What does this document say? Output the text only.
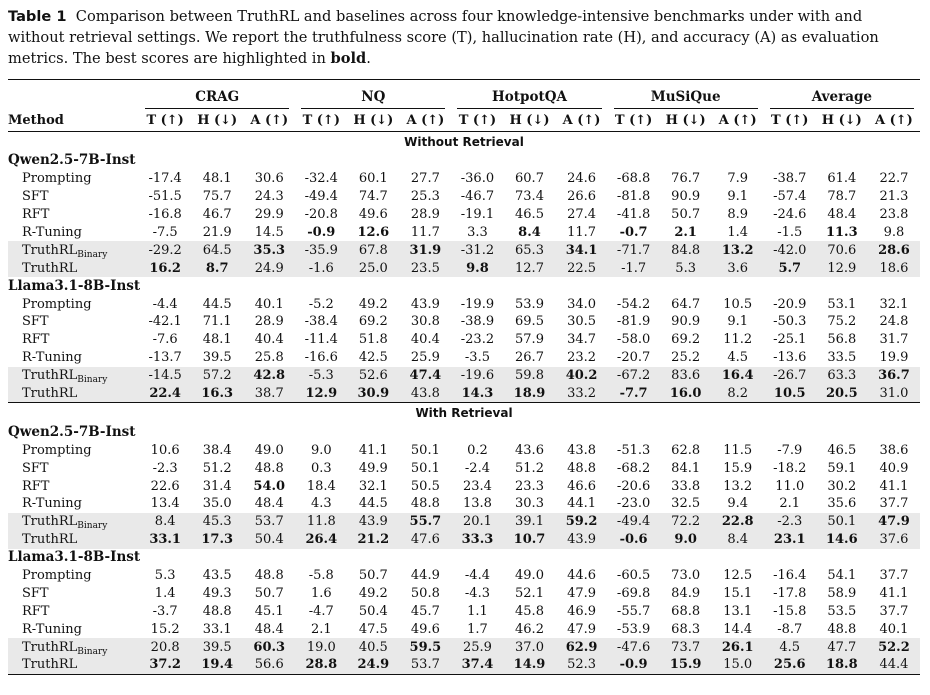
Table 1 Comparison between TruthRL and baselines across four knowledge-intensive benchmarks under with and without retrieval settings. We report the truthfulness score (T), hallucination rate (H), and accuracy (A) as evaluation metrics. The best scores are highlighted in bold.
	CRAG			NQ			HotpotQA			MuSiQue			Average		
Method	T (↑)	H (↓)	A (↑)	T (↑)	H (↓)	A (↑)	T (↑)	H (↓)	A (↑)	T (↑)	H (↓)	A (↑)	T (↑)	H (↓)	A (↑)
Without Retrieval															
Qwen2.5-7B-Inst															
Prompting	-17.4	48.1	30.6	-32.4	60.1	27.7	-36.0	60.7	24.6	-68.8	76.7	7.9	-38.7	61.4	22.7
SFT	-51.5	75.7	24.3	-49.4	74.7	25.3	-46.7	73.4	26.6	-81.8	90.9	9.1	-57.4	78.7	21.3
RFT	-16.8	46.7	29.9	-20.8	49.6	28.9	-19.1	46.5	27.4	-41.8	50.7	8.9	-24.6	48.4	23.8
R-Tuning	-7.5	21.9	14.5	-0.9	12.6	11.7	3.3	8.4	11.7	-0.7	2.1	1.4	-1.5	11.3	9.8
TruthRL$_{Binary}$	-29.2	64.5	35.3	-35.9	67.8	31.9	-31.2	65.3	34.1	-71.7	84.8	13.2	-42.0	70.6	28.6
TruthRL	16.2	8.7	24.9	-1.6	25.0	23.5	9.8	12.7	22.5	-1.7	5.3	3.6	5.7	12.9	18.6
Llama3.1-8B-Inst															
Prompting	-4.4	44.5	40.1	-5.2	49.2	43.9	-19.9	53.9	34.0	-54.2	64.7	10.5	-20.9	53.1	32.1
SFT	-42.1	71.1	28.9	-38.4	69.2	30.8	-38.9	69.5	30.5	-81.9	90.9	9.1	-50.3	75.2	24.8
RFT	-7.6	48.1	40.4	-11.4	51.8	40.4	-23.2	57.9	34.7	-58.0	69.2	11.2	-25.1	56.8	31.7
R-Tuning	-13.7	39.5	25.8	-16.6	42.5	25.9	-3.5	26.7	23.2	-20.7	25.2	4.5	-13.6	33.5	19.9
TruthRL$_{Binary}$	-14.5	57.2	42.8	-5.3	52.6	47.4	-19.6	59.8	40.2	-67.2	83.6	16.4	-26.7	63.3	36.7
TruthRL	22.4	16.3	38.7	12.9	30.9	43.8	14.3	18.9	33.2	-7.7	16.0	8.2	10.5	20.5	31.0
With Retrieval															
Qwen2.5-7B-Inst															
Prompting	10.6	38.4	49.0	9.0	41.1	50.1	0.2	43.6	43.8	-51.3	62.8	11.5	-7.9	46.5	38.6
SFT	-2.3	51.2	48.8	0.3	49.9	50.1	-2.4	51.2	48.8	-68.2	84.1	15.9	-18.2	59.1	40.9
RFT	22.6	31.4	54.0	18.4	32.1	50.5	23.4	23.3	46.6	-20.6	33.8	13.2	11.0	30.2	41.1
R-Tuning	13.4	35.0	48.4	4.3	44.5	48.8	13.8	30.3	44.1	-23.0	32.5	9.4	2.1	35.6	37.7
TruthRL$_{Binary}$	8.4	45.3	53.7	11.8	43.9	55.7	20.1	39.1	59.2	-49.4	72.2	22.8	-2.3	50.1	47.9
TruthRL	33.1	17.3	50.4	26.4	21.2	47.6	33.3	10.7	43.9	-0.6	9.0	8.4	23.1	14.6	37.6
Llama3.1-8B-Inst															
Prompting	5.3	43.5	48.8	-5.8	50.7	44.9	-4.4	49.0	44.6	-60.5	73.0	12.5	-16.4	54.1	37.7
SFT	1.4	49.3	50.7	1.6	49.2	50.8	-4.3	52.1	47.9	-69.8	84.9	15.1	-17.8	58.9	41.1
RFT	-3.7	48.8	45.1	-4.7	50.4	45.7	1.1	45.8	46.9	-55.7	68.8	13.1	-15.8	53.5	37.7
R-Tuning	15.2	33.1	48.4	2.1	47.5	49.6	1.7	46.2	47.9	-53.9	68.3	14.4	-8.7	48.8	40.1
TruthRL$_{Binary}$	20.8	39.5	60.3	19.0	40.5	59.5	25.9	37.0	62.9	-47.6	73.7	26.1	4.5	47.7	52.2
TruthRL	37.2	19.4	56.6	28.8	24.9	53.7	37.4	14.9	52.3	-0.9	15.9	15.0	25.6	18.8	44.4
